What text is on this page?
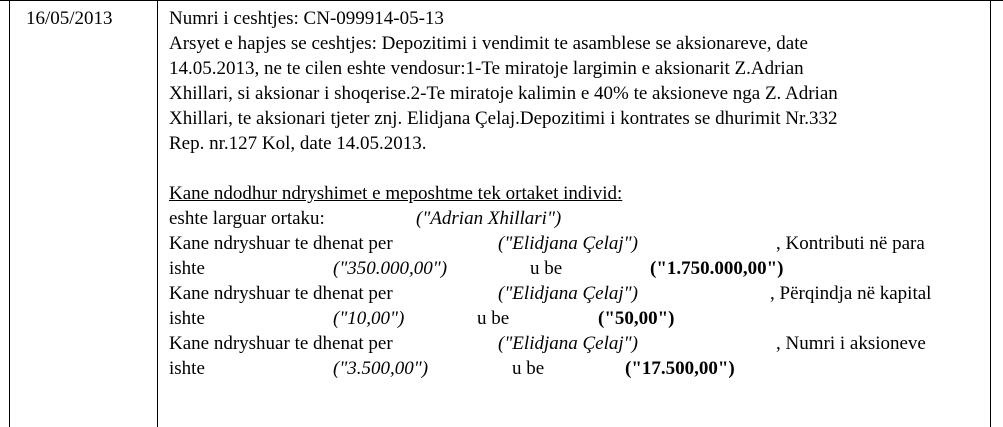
16/05/2013	Numri i ceshtjes: CN-099914-05-13
Arsyet e hapjes se ceshtjes: Depozitimi i vendimit te asamblese se aksionareve, date
14.05.2013, ne te cilen eshte vendosur:1-Te miratoje largimin e aksionarit Z.Adrian
Xhillari, si aksionar i shoqerise.2-Te miratoje kalimin e 40% te aksioneve nga Z. Adrian
Xhillari, te aksionari tjeter znj. Elidjana Çelaj.Depozitimi i kontrates se dhurimit Nr.332
Rep. nr.127 Kol, date 14.05.2013.
Kane ndodhur ndryshimet e meposhtme tek ortaket individ:
eshte larguar ortaku:	("Adrian Xhillari")
Kane ndryshuar te dhenat per	("Elidjana Çelaj")	, Kontributi në para
ishte	("350.000,00")	u be	("1.750.000,00")
Kane ndryshuar te dhenat per	("Elidjana Çelaj")	, Përqindja në kapital
ishte	("10,00")	u be	("50,00")
Kane ndryshuar te dhenat per	("Elidjana Çelaj")	, Numri i aksioneve
ishte	("3.500,00")	u be	("17.500,00")
